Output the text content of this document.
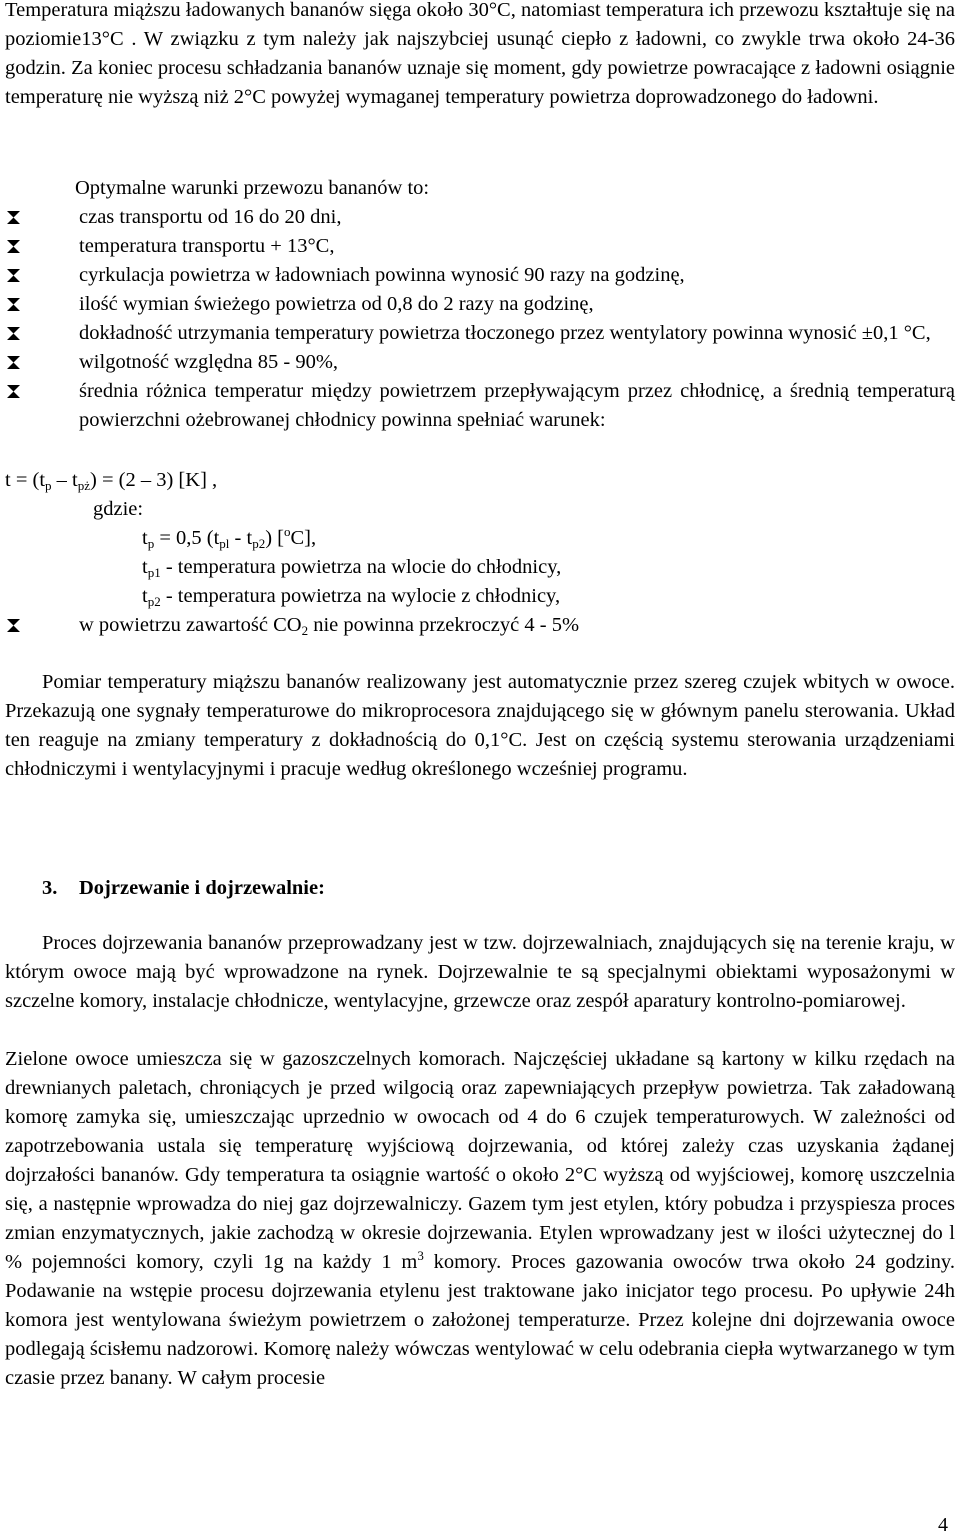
Temperatura miąższu ładowanych bananów sięga około 30°C, natomiast temperatura ich przewozu kształtuje się na poziomie13°C . W związku z tym należy jak najszybciej usunąć ciepło z ładowni, co zwykle trwa około 24-36 godzin. Za koniec procesu schładzania bananów uznaje się moment, gdy powietrze powracające z ładowni osiągnie temperaturę nie wyższą niż 2°C powyżej wymaganej temperatury powietrza doprowadzonego do ładowni.

Optymalne warunki przewozu bananów to:

czas transportu od 16 do 20 dni,
temperatura transportu + 13°C,
cyrkulacja powietrza w ładowniach powinna wynosić 90 razy na godzinę,
ilość wymian świeżego powietrza od 0,8 do 2 razy na godzinę,
dokładność utrzymania temperatury powietrza tłoczonego przez wentylatory powinna wynosić ±0,1 °C,
wilgotność względna 85 - 90%,
średnia różnica temperatur między powietrzem przepływającym przez chłodnicę, a średnią temperaturą powierzchni ożebrowanej chłodnicy powinna spełniać warunek:

$t = (t_p - t_{pż}) = (2 - 3)$ [K] ,

gdzie:

$t_p = 0,5$ $(t_{pl} - t_{p2})$ [$^o$C],

$t_{p1}$ - temperatura powietrza na wlocie do chłodnicy,

$t_{p2}$ - temperatura powietrza na wylocie z chłodnicy,

w powietrzu zawartość $CO_2$ nie powinna przekroczyć 4 - 5%

Pomiar temperatury miąższu bananów realizowany jest automatycznie przez szereg czujek wbitych w owoce. Przekazują one sygnały temperaturowe do mikroprocesora znajdującego się w głównym panelu sterowania. Układ ten reaguje na zmiany temperatury z dokładnością do 0,1°C. Jest on częścią systemu sterowania urządzeniami chłodniczymi i wentylacyjnymi i pracuje według określonego wcześniej programu.

3. Dojrzewanie i dojrzewalnie:

Proces dojrzewania bananów przeprowadzany jest w tzw. dojrzewalniach, znajdujących się na terenie kraju, w którym owoce mają być wprowadzone na rynek. Dojrzewalnie te są specjalnymi obiektami wyposażonymi w szczelne komory, instalacje chłodnicze, wentylacyjne, grzewcze oraz zespół aparatury kontrolno-pomiarowej.

Zielone owoce umieszcza się w gazoszczelnych komorach. Najczęściej układane są kartony w kilku rzędach na drewnianych paletach, chroniących je przed wilgocią oraz zapewniających przepływ powietrza. Tak załadowaną komorę zamyka się, umieszczając uprzednio w owocach od 4 do 6 czujek temperaturowych. W zależności od zapotrzebowania ustala się temperaturę wyjściową dojrzewania, od której zależy czas uzyskania żądanej dojrzałości bananów. Gdy temperatura ta osiągnie wartość o około 2°C wyższą od wyjściowej, komorę uszczelnia się, a następnie wprowadza do niej gaz dojrzewalniczy. Gazem tym jest etylen, który pobudza i przyspiesza proces zmian enzymatycznych, jakie zachodzą w okresie dojrzewania. Etylen wprowadzany jest w ilości użytecznej do l % pojemności komory, czyli 1g na każdy 1 $m^3$ komory. Proces gazowania owoców trwa około 24 godziny. Podawanie na wstępie procesu dojrzewania etylenu jest traktowane jako inicjator tego procesu. Po upływie 24h komora jest wentylowana świeżym powietrzem o założonej temperaturze. Przez kolejne dni dojrzewania owoce podlegają ścisłemu nadzorowi. Komorę należy wówczas wentylować w celu odebrania ciepła wytwarzanego w tym czasie przez banany. W całym procesie

4
